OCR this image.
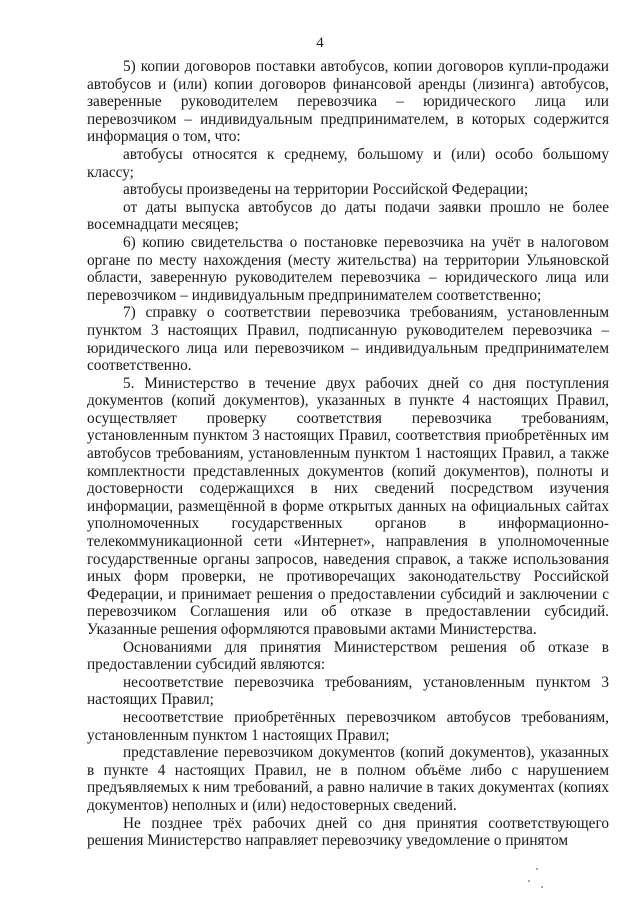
4

5) копии договоров поставки автобусов, копии договоров купли-продажи автобусов и (или) копии договоров финансовой аренды (лизинга) автобусов, заверенные руководителем перевозчика – юридического лица или перевозчиком – индивидуальным предпринимателем, в которых содержится информация о том, что:

автобусы относятся к среднему, большому и (или) особо большому классу;

автобусы произведены на территории Российской Федерации;

от даты выпуска автобусов до даты подачи заявки прошло не более восемнадцати месяцев;

6) копию свидетельства о постановке перевозчика на учёт в налоговом органе по месту нахождения (месту жительства) на территории Ульяновской области, заверенную руководителем перевозчика – юридического лица или перевозчиком – индивидуальным предпринимателем соответственно;

7) справку о соответствии перевозчика требованиям, установленным пунктом 3 настоящих Правил, подписанную руководителем перевозчика – юридического лица или перевозчиком – индивидуальным предпринимателем соответственно.

5. Министерство в течение двух рабочих дней со дня поступления документов (копий документов), указанных в пункте 4 настоящих Правил, осуществляет проверку соответствия перевозчика требованиям, установленным пунктом 3 настоящих Правил, соответствия приобретённых им автобусов требованиям, установленным пунктом 1 настоящих Правил, а также комплектности представленных документов (копий документов), полноты и достоверности содержащихся в них сведений посредством изучения информации, размещённой в форме открытых данных на официальных сайтах уполномоченных государственных органов в информационно-телекоммуникационной сети «Интернет», направления в уполномоченные государственные органы запросов, наведения справок, а также использования иных форм проверки, не противоречащих законодательству Российской Федерации, и принимает решения о предоставлении субсидий и заключении с перевозчиком Соглашения или об отказе в предоставлении субсидий. Указанные решения оформляются правовыми актами Министерства.

Основаниями для принятия Министерством решения об отказе в предоставлении субсидий являются:

несоответствие перевозчика требованиям, установленным пунктом 3 настоящих Правил;

несоответствие приобретённых перевозчиком автобусов требованиям, установленным пунктом 1 настоящих Правил;

представление перевозчиком документов (копий документов), указанных в пункте 4 настоящих Правил, не в полном объёме либо с нарушением предъявляемых к ним требований, а равно наличие в таких документах (копиях документов) неполных и (или) недостоверных сведений.

Не позднее трёх рабочих дней со дня принятия соответствующего решения Министерство направляет перевозчику уведомление о принятом
